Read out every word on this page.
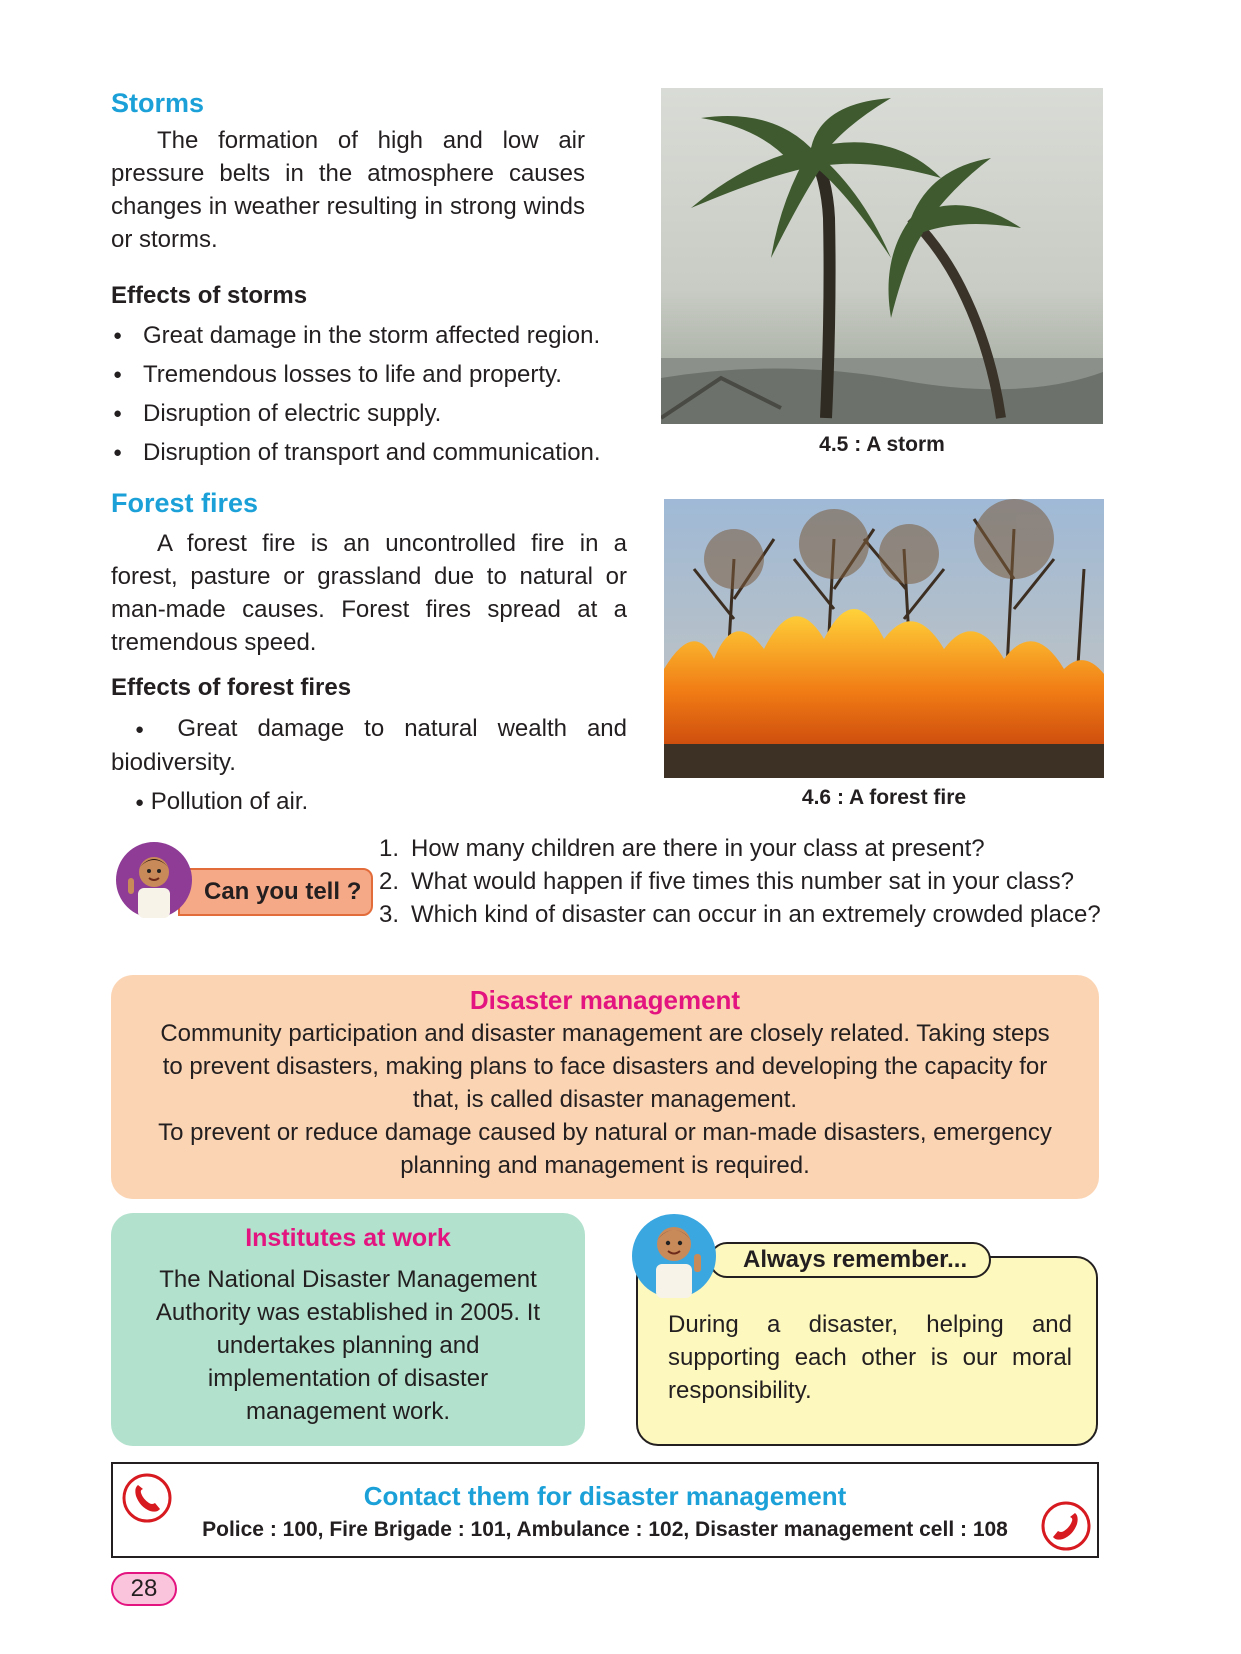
Storms

The formation of high and low air pressure belts in the atmosphere causes changes in weather resulting in strong winds or storms.

Effects of storms
● Great damage in the storm affected region.
● Tremendous losses to life and property.
● Disruption of electric supply.
● Disruption of transport and communication.	4.5 : A storm
Forest fires

A forest fire is an uncontrolled fire in a forest, pasture or grassland due to natural or man-made causes. Forest fires spread at a tremendous speed.

Effects of forest fires

● Great damage to natural wealth and biodiversity.

● Pollution of air.	4.6 : A forest fire
Can you tell ?
1. How many children are there in your class at present?
2. What would happen if five times this number sat in your class?
3. Which kind of disaster can occur in an extremely crowded place?
Disaster management
Community participation and disaster management are closely related. Taking steps to prevent disasters, making plans to face disasters and developing the capacity for that, is called disaster management.
To prevent or reduce damage caused by natural or man-made disasters, emergency planning and management is required.
Institutes at work
The National Disaster Management Authority was established in 2005. It undertakes planning and implementation of disaster management work.
During a disaster, helping and supporting each other is our moral responsibility.
Always remember...
Contact them for disaster management
Police : 100, Fire Brigade : 101, Ambulance : 102, Disaster management cell : 108
28
